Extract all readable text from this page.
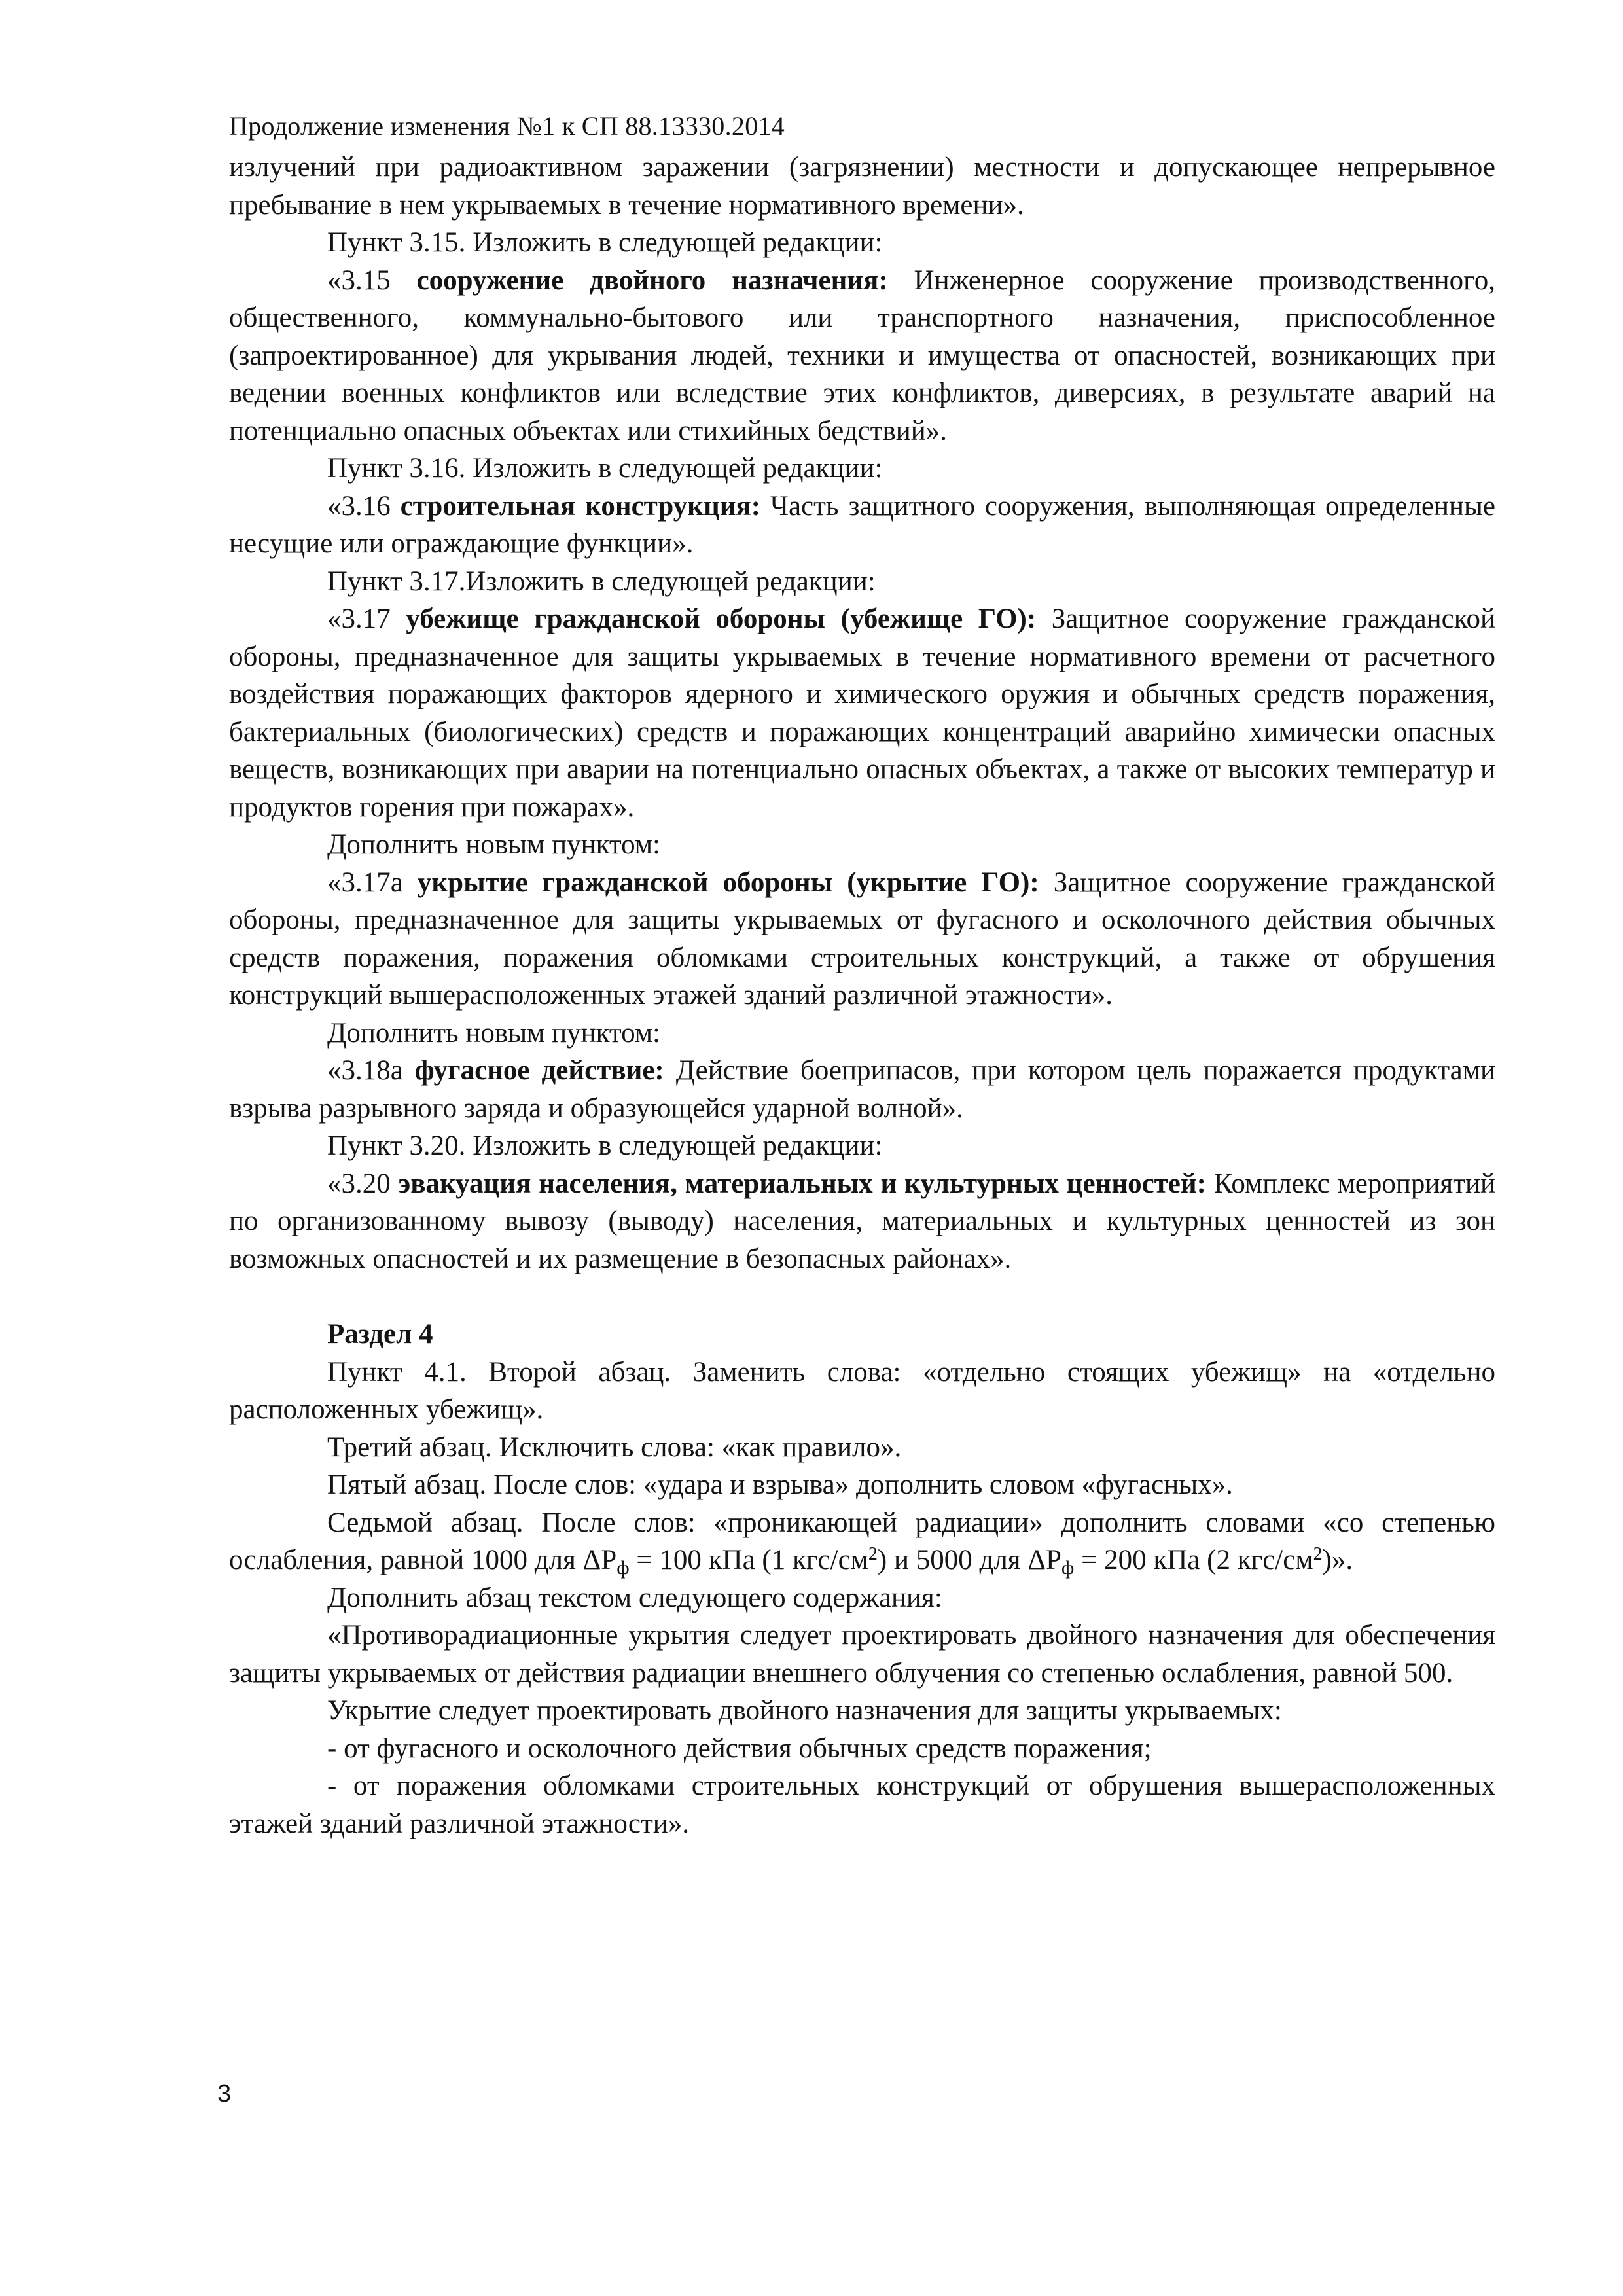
Продолжение изменения №1 к СП 88.13330.2014

излучений при радиоактивном заражении (загрязнении) местности и допускающее непрерывное пребывание в нем укрываемых в течение нормативного времени».

Пункт 3.15. Изложить в следующей редакции:

«3.15 сооружение двойного назначения: Инженерное сооружение производственного, общественного, коммунально-бытового или транспортного назначения, приспособленное (запроектированное) для укрывания людей, техники и имущества от опасностей, возникающих при ведении военных конфликтов или вследствие этих конфликтов, диверсиях, в результате аварий на потенциально опасных объектах или стихийных бедствий».

Пункт 3.16. Изложить в следующей редакции:

«3.16 строительная конструкция: Часть защитного сооружения, выполняющая определенные несущие или ограждающие функции».

Пункт 3.17.Изложить в следующей редакции:

«3.17 убежище гражданской обороны (убежище ГО): Защитное сооружение гражданской обороны, предназначенное для защиты укрываемых в течение нормативного времени от расчетного воздействия поражающих факторов ядерного и химического оружия и обычных средств поражения, бактериальных (биологических) средств и поражающих концентраций аварийно химически опасных веществ, возникающих при аварии на потенциально опасных объектах, а также от высоких температур и продуктов горения при пожарах».

Дополнить новым пунктом:

«3.17а укрытие гражданской обороны (укрытие ГО): Защитное сооружение гражданской обороны, предназначенное для защиты укрываемых от фугасного и осколочного действия обычных средств поражения, поражения обломками строительных конструкций, а также от обрушения конструкций вышерасположенных этажей зданий различной этажности».

Дополнить новым пунктом:

«3.18а фугасное действие: Действие боеприпасов, при котором цель поражается продуктами взрыва разрывного заряда и образующейся ударной волной».

Пункт 3.20. Изложить в следующей редакции:

«3.20 эвакуация населения, материальных и культурных ценностей: Комплекс мероприятий по организованному вывозу (выводу) населения, материальных и культурных ценностей из зон возможных опасностей и их размещение в безопасных районах».

Раздел 4

Пункт 4.1. Второй абзац. Заменить слова: «отдельно стоящих убежищ» на «отдельно расположенных убежищ».

Третий абзац. Исключить слова: «как правило».

Пятый абзац. После слов: «удара и взрыва» дополнить словом «фугасных».

Седьмой абзац. После слов: «проникающей радиации» дополнить словами «со степенью ослабления, равной 1000 для $\Delta Р_ф = 100$ кПа (1 кгс/$см^2$) и 5000 для $\Delta Р_ф = 200$ кПа (2 кгс/$см^2$)».

Дополнить абзац текстом следующего содержания:

«Противорадиационные укрытия следует проектировать двойного назначения для обеспечения защиты укрываемых от действия радиации внешнего облучения со степенью ослабления, равной 500.

Укрытие следует проектировать двойного назначения для защиты укрываемых:

- от фугасного и осколочного действия обычных средств поражения;

- от поражения обломками строительных конструкций от обрушения вышерасположенных этажей зданий различной этажности».

3
